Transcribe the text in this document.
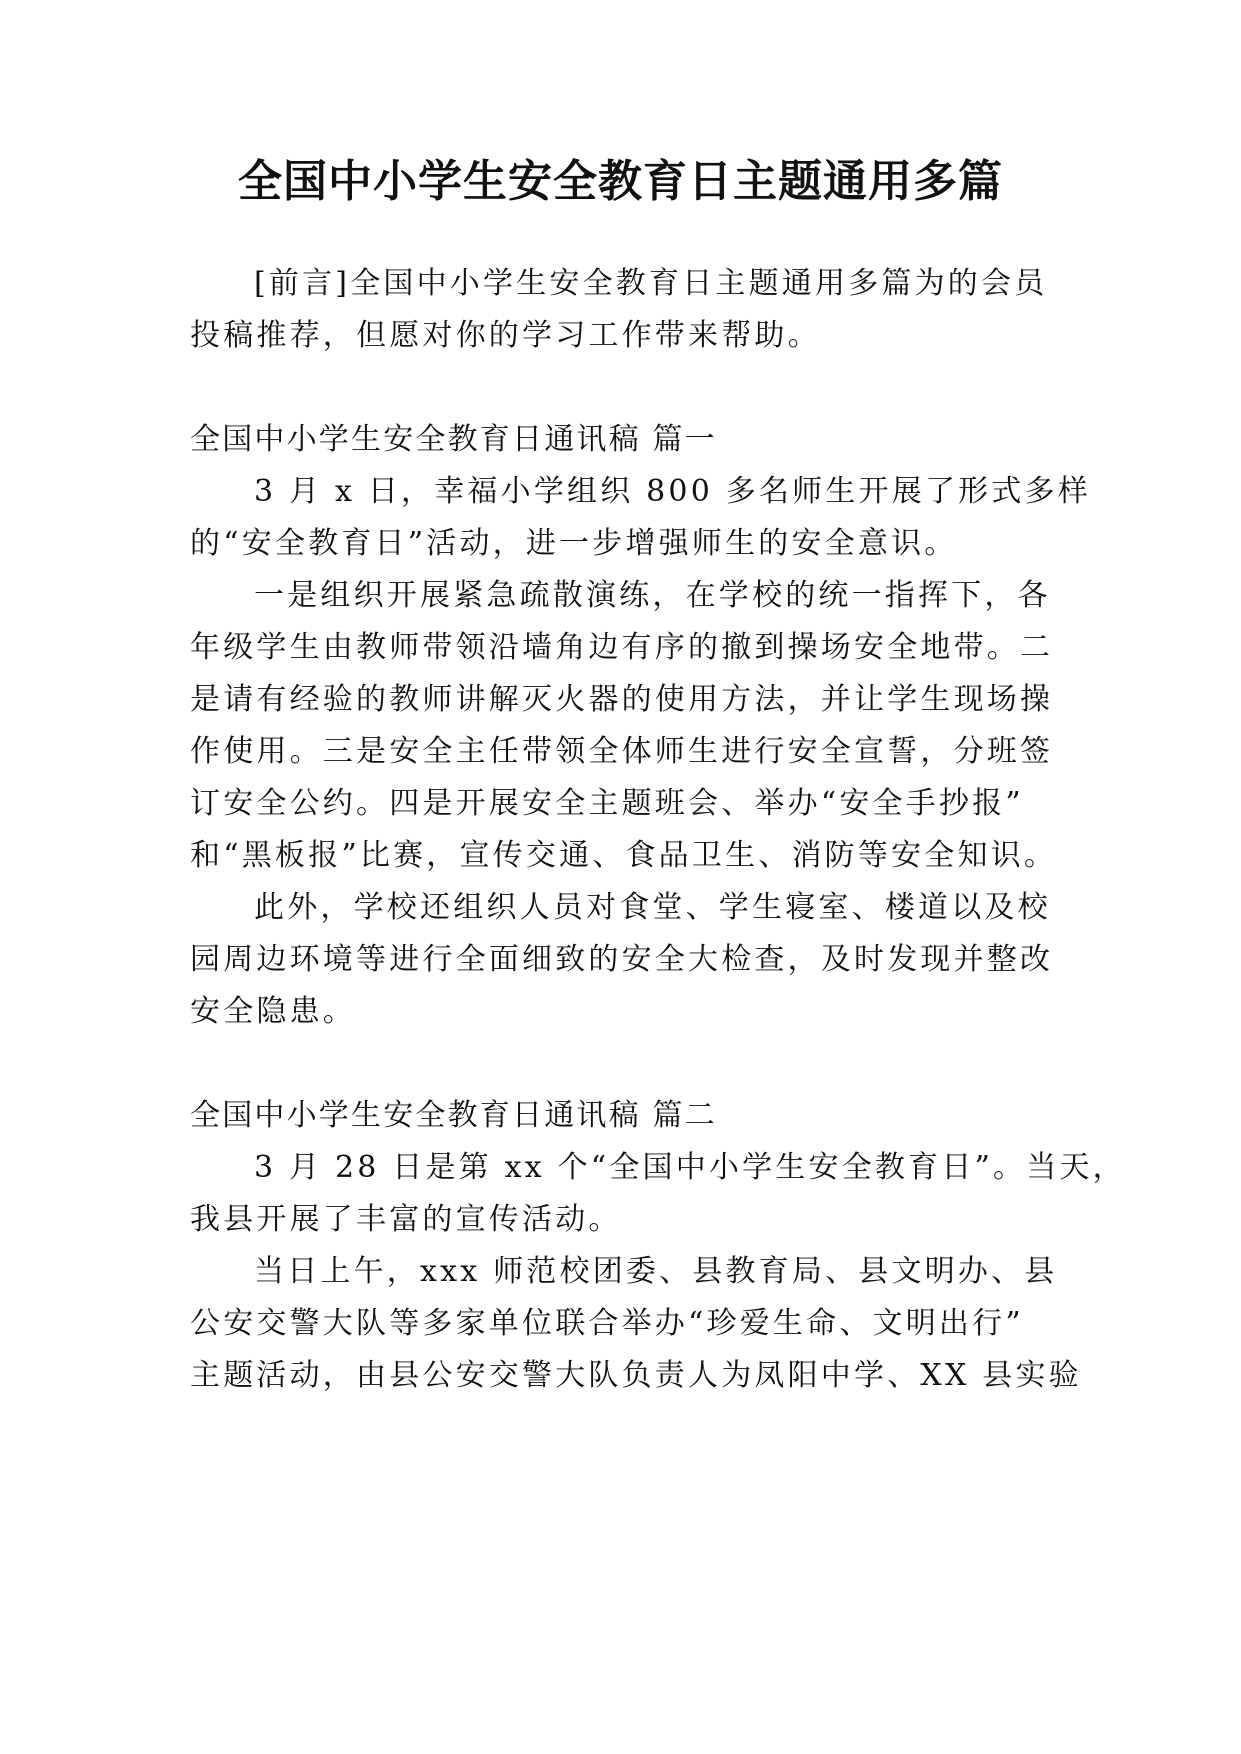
全国中小学生安全教育日主题通用多篇
[前言]全国中小学生安全教育日主题通用多篇为的会员
投稿推荐，但愿对你的学习工作带来帮助。
全国中小学生安全教育日通讯稿 篇一
3 月 x 日，幸福小学组织 800 多名师生开展了形式多样
的“安全教育日”活动，进一步增强师生的安全意识。
一是组织开展紧急疏散演练，在学校的统一指挥下，各
年级学生由教师带领沿墙角边有序的撤到操场安全地带。二
是请有经验的教师讲解灭火器的使用方法，并让学生现场操
作使用。三是安全主任带领全体师生进行安全宣誓，分班签
订安全公约。四是开展安全主题班会、举办“安全手抄报”
和“黑板报”比赛，宣传交通、食品卫生、消防等安全知识。
此外，学校还组织人员对食堂、学生寝室、楼道以及校
园周边环境等进行全面细致的安全大检查，及时发现并整改
安全隐患。
全国中小学生安全教育日通讯稿 篇二
3 月 28 日是第 xx 个“全国中小学生安全教育日”。当天，
我县开展了丰富的宣传活动。
当日上午，xxx 师范校团委、县教育局、县文明办、县
公安交警大队等多家单位联合举办“珍爱生命、文明出行”
主题活动，由县公安交警大队负责人为凤阳中学、XX 县实验
